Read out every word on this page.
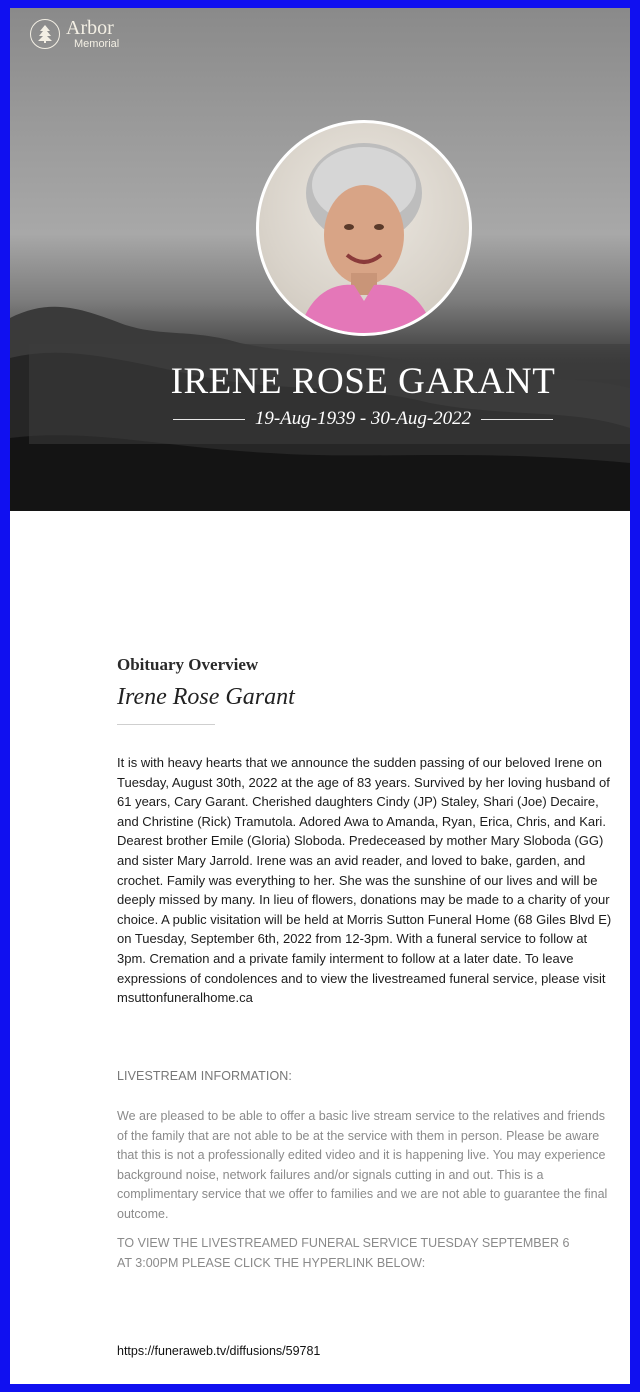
Arbor
Memorial
IRENE ROSE GARANT
19-Aug-1939 - 30-Aug-2022
Obituary Overview
Irene Rose Garant
It is with heavy hearts that we announce the sudden passing of our beloved Irene on Tuesday, August 30th, 2022 at the age of 83 years. Survived by her loving husband of 61 years, Cary Garant. Cherished daughters Cindy (JP) Staley, Shari (Joe) Decaire, and Christine (Rick) Tramutola. Adored Awa to Amanda, Ryan, Erica, Chris, and Kari. Dearest brother Emile (Gloria) Sloboda. Predeceased by mother Mary Sloboda (GG) and sister Mary Jarrold. Irene was an avid reader, and loved to bake, garden, and crochet. Family was everything to her. She was the sunshine of our lives and will be deeply missed by many. In lieu of flowers, donations may be made to a charity of your choice. A public visitation will be held at Morris Sutton Funeral Home (68 Giles Blvd E) on Tuesday, September 6th, 2022 from 12-3pm. With a funeral service to follow at 3pm. Cremation and a private family interment to follow at a later date. To leave expressions of condolences and to view the livestreamed funeral service, please visit msuttonfuneralhome.ca
LIVESTREAM INFORMATION:
We are pleased to be able to offer a basic live stream service to the relatives and friends of the family that are not able to be at the service with them in person. Please be aware that this is not a professionally edited video and it is happening live. You may experience background noise, network failures and/or signals cutting in and out. This is a complimentary service that we offer to families and we are not able to guarantee the final outcome.
TO VIEW THE LIVESTREAMED FUNERAL SERVICE TUESDAY SEPTEMBER 6 AT 3:00PM PLEASE CLICK THE HYPERLINK BELOW:
https://funeraweb.tv/diffusions/59781
